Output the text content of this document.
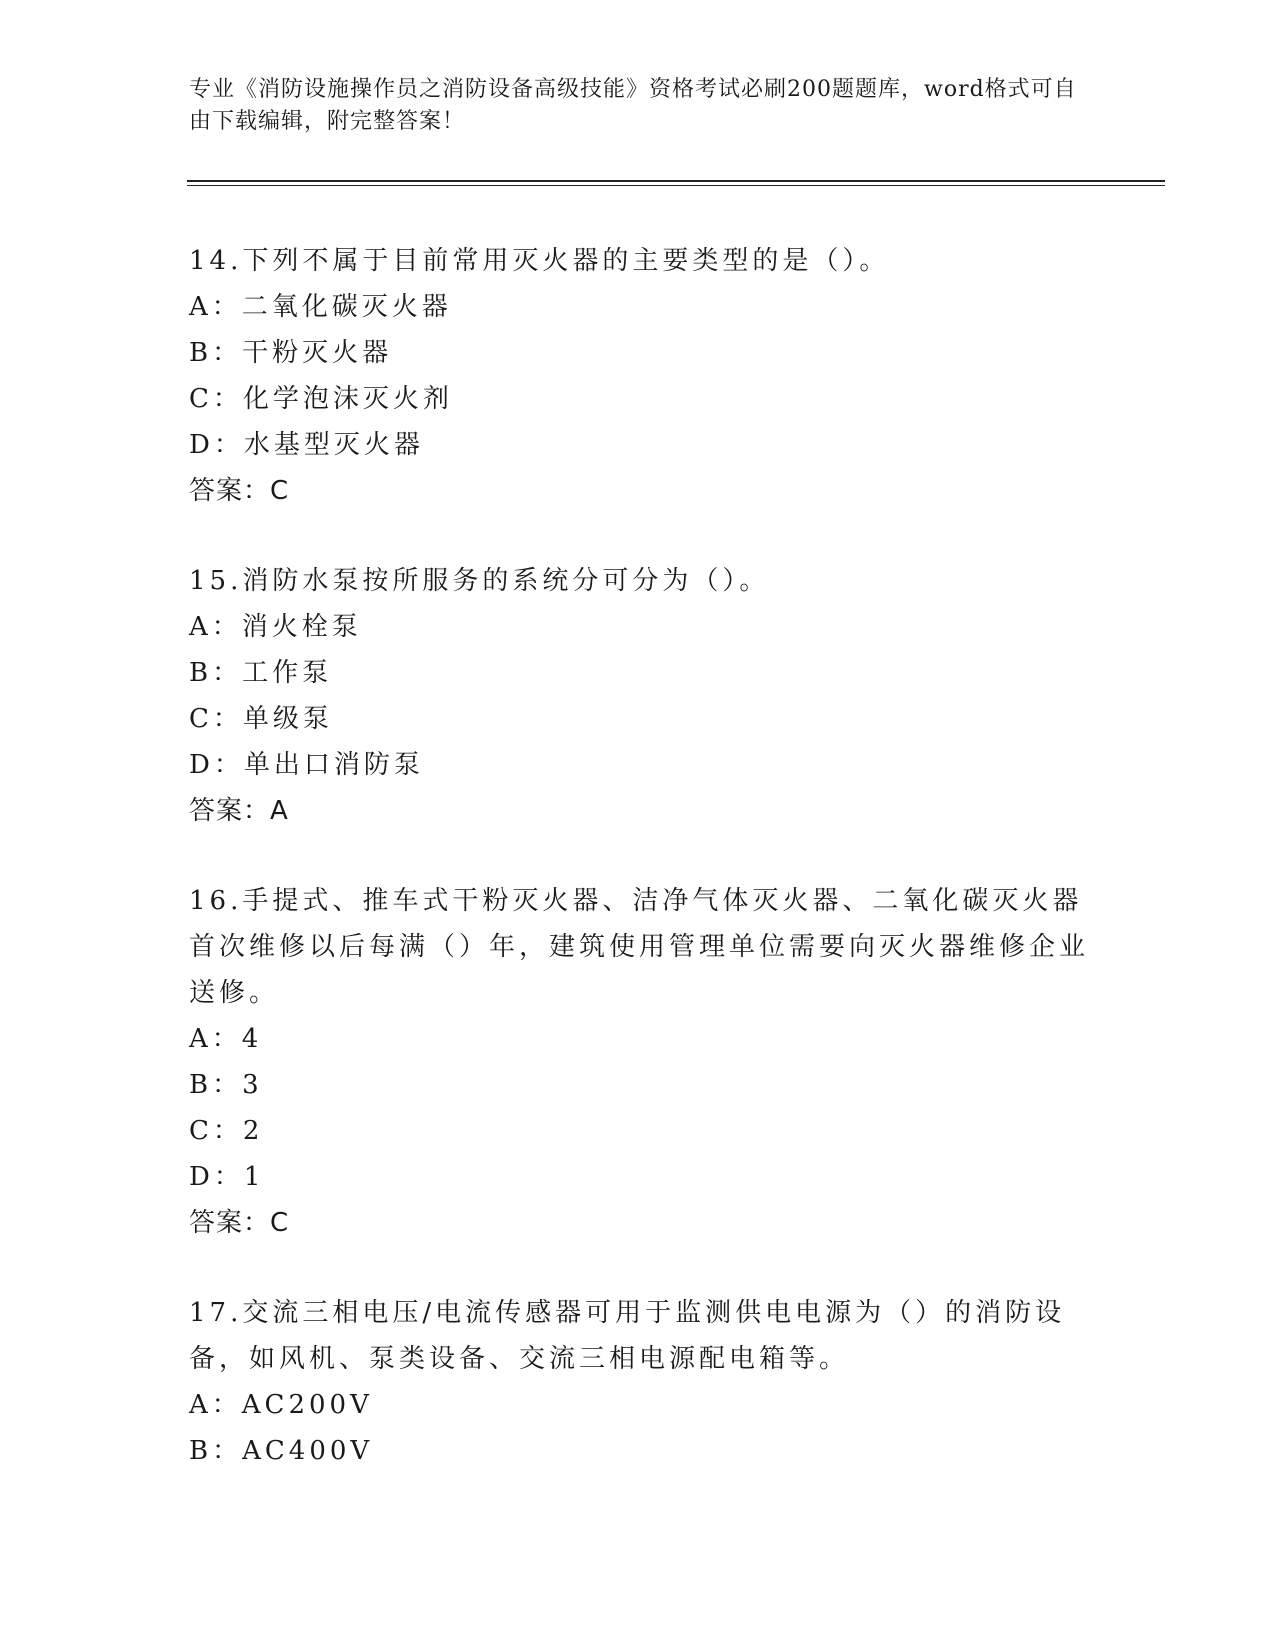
专业《消防设施操作员之消防设备高级技能》资格考试必刷200题题库，word格式可自由下载编辑，附完整答案！
14.下列不属于目前常用灭火器的主要类型的是（）。
A：二氧化碳灭火器
B：干粉灭火器
C：化学泡沫灭火剂
D：水基型灭火器
答案：C
15.消防水泵按所服务的系统分可分为（）。
A：消火栓泵
B：工作泵
C：单级泵
D：单出口消防泵
答案：A
16.手提式、推车式干粉灭火器、洁净气体灭火器、二氧化碳灭火器首次维修以后每满（）年，建筑使用管理单位需要向灭火器维修企业送修。
A：4
B：3
C：2
D：1
答案：C
17.交流三相电压/电流传感器可用于监测供电电源为（）的消防设备，如风机、泵类设备、交流三相电源配电箱等。
A：AC200V
B：AC400V
